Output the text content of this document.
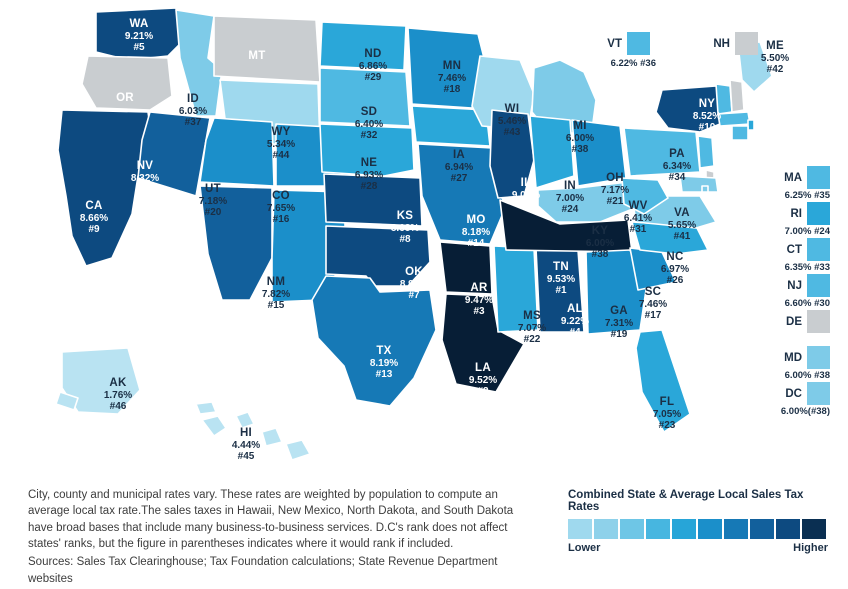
WA
9.21%
#5
ND
6.86%
#29
MT
MN
7.46%
#18
OR	ID
6.03%
#37
SD
6.40%
#32
WI
5.46%
#43
MI
6.00%
#38
NY
8.52%
#10
ME
5.50%
#42
WY
5.34%
#44	IA
6.94%
#27
NE
6.93%
#28
NV
8.32%
#12
PA
6.34%
#34
OH
7.17%
#21
IL
9.08%
#6
IN
7.00%
#24
UT
7.18%
#20
CO
7.65%
#16
CA
8.66%
#9
WV
6.41%
#31
VA
5.65%
#41
KS
8.68%
#8
MO
8.18%
#14
KY
6.00%
#38
AZ
8.40%
#11
NM
7.82%
#15
OK
8.94%
#7
AR
9.47%
#3
TN
9.53%
#1
NC
6.97%
#26
SC
7.46%
#17
MS
7.07%
#22
AL
9.22%
#4
GA
7.31%
#19
TX
8.19%
#13
LA
9.52%
#2
FL
7.05%
#23
AK
1.76%
#46
HI
4.44%
#45
VT
6.22% #36
NH
MA
6.25% #35
RI
7.00% #24
CT
6.35% #33
NJ
6.60% #30
DE
MD
6.00% #38
DC
6.00%(#38)

City, county and municipal rates vary. These rates are weighted by population to compute an average local tax rate.The sales taxes in Hawaii, New Mexico, North Dakota, and South Dakota have broad bases that include many business-to-business services. D.C's rank does not affect states' ranks, but the figure in parentheses indicates where it would rank if included.

Sources: Sales Tax Clearinghouse; Tax Foundation calculations; State Revenue Department websites

Combined State & Average Local Sales Tax Rates
Lower	Higher
